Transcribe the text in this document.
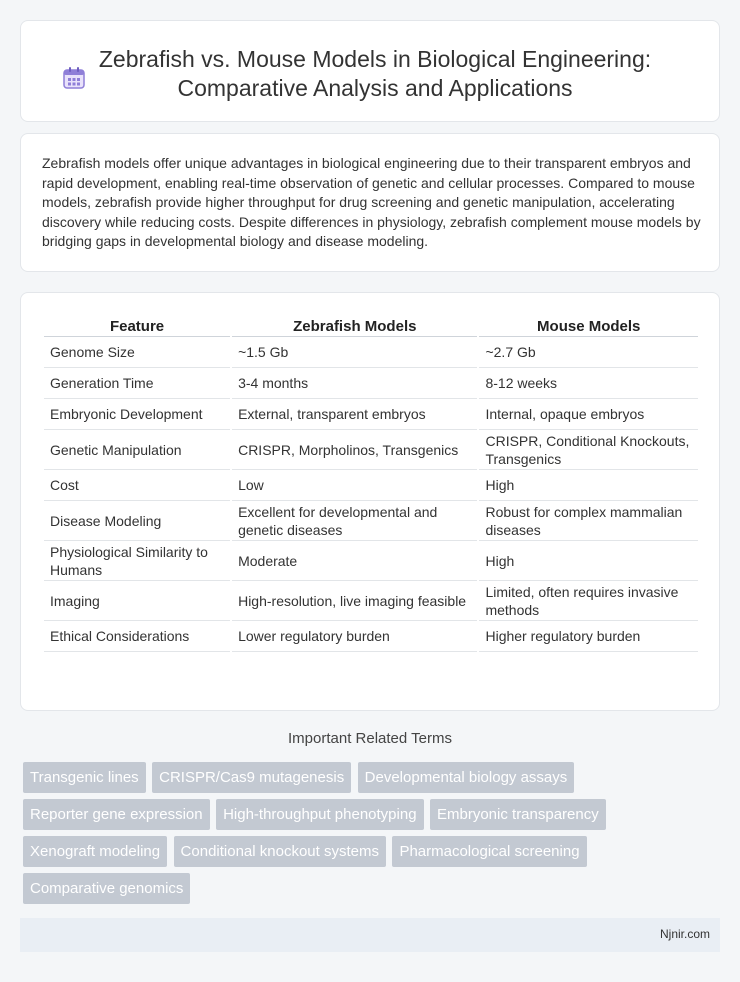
Zebrafish vs. Mouse Models in Biological Engineering: Comparative Analysis and Applications

Zebrafish models offer unique advantages in biological engineering due to their transparent embryos and rapid development, enabling real-time observation of genetic and cellular processes. Compared to mouse models, zebrafish provide higher throughput for drug screening and genetic manipulation, accelerating discovery while reducing costs. Despite differences in physiology, zebrafish complement mouse models by bridging gaps in developmental biology and disease modeling.

Feature	Zebrafish Models	Mouse Models
Genome Size	~1.5 Gb	~2.7 Gb
Generation Time	3-4 months	8-12 weeks
Embryonic Development	External, transparent embryos	Internal, opaque embryos
Genetic Manipulation	CRISPR, Morpholinos, Transgenics	CRISPR, Conditional Knockouts, Transgenics
Cost	Low	High
Disease Modeling	Excellent for developmental and genetic diseases	Robust for complex mammalian diseases
Physiological Similarity to Humans	Moderate	High
Imaging	High-resolution, live imaging feasible	Limited, often requires invasive methods
Ethical Considerations	Lower regulatory burden	Higher regulatory burden
Important Related Terms
Transgenic lines CRISPR/Cas9 mutagenesis Developmental biology assays Reporter gene expression High-throughput phenotyping Embryonic transparency Xenograft modeling Conditional knockout systems Pharmacological screening Comparative genomics
Njnir.com
